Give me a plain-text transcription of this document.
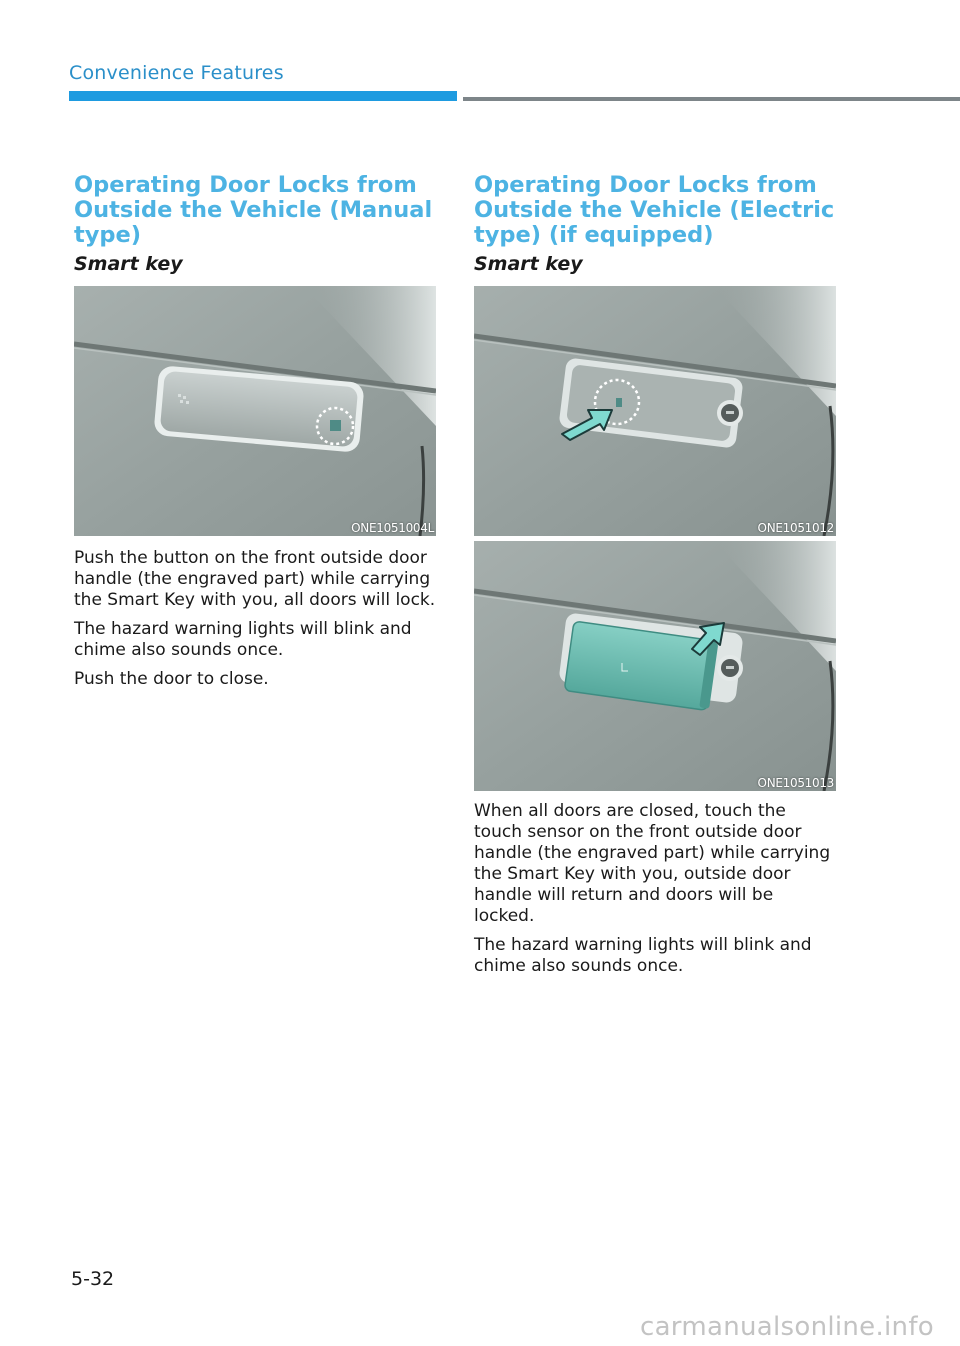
Convenience Features
Operating Door Locks from Outside the Vehicle (Manual type)
Smart key
ONE1051004L

Push the button on the front outside door handle (the engraved part) while carrying the Smart Key with you, all doors will lock.

The hazard warning lights will blink and chime also sounds once.

Push the door to close.

Operating Door Locks from Outside the Vehicle (Electric type) (if equipped)
Smart key
ONE1051012
ONE1051013

When all doors are closed, touch the touch sensor on the front outside door handle (the engraved part) while carrying the Smart Key with you, outside door handle will return and doors will be locked.

The hazard warning lights will blink and chime also sounds once.

5-32
carmanualsonline.info
